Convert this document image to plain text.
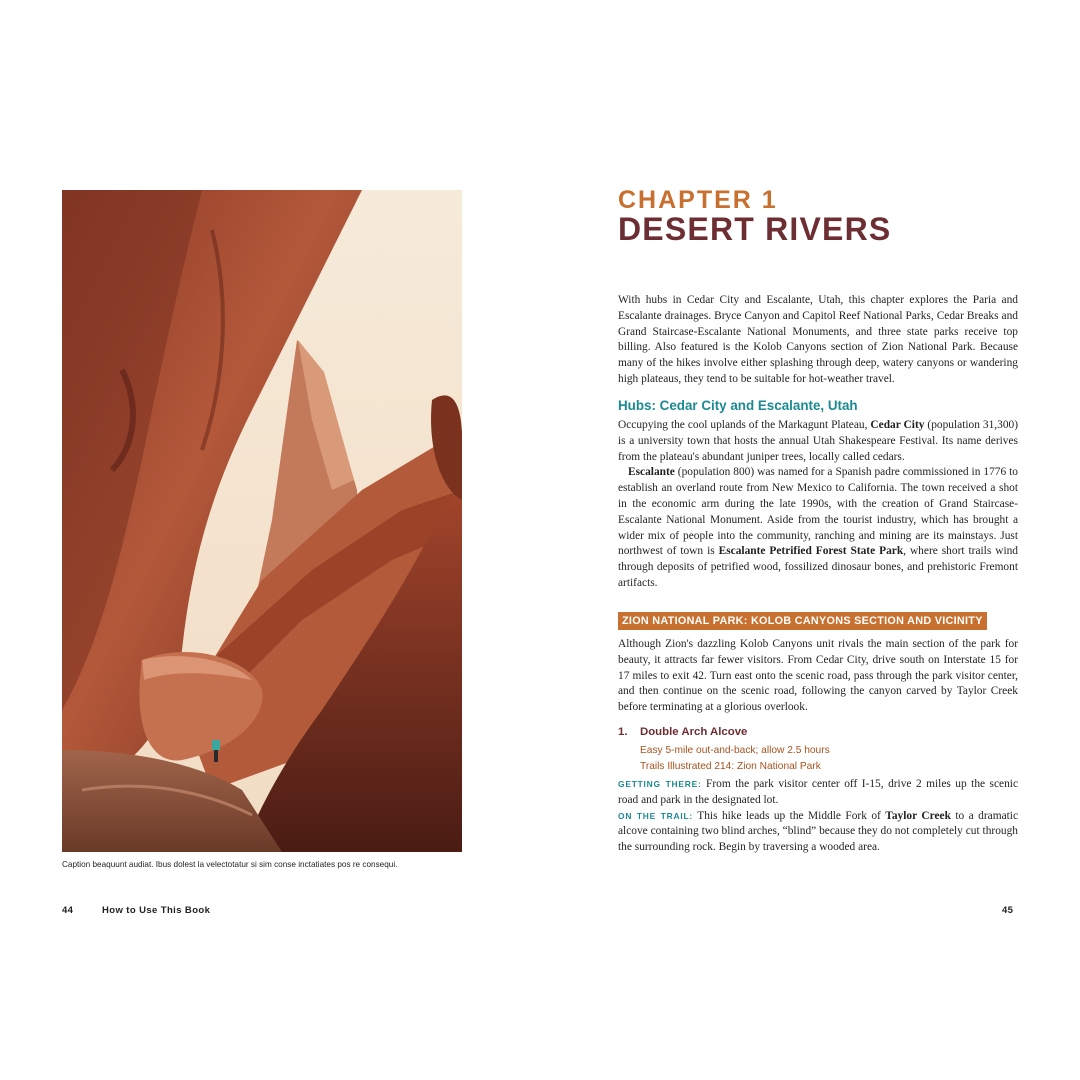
Caption beaquunt audiat. Ibus dolest la velectotatur si sim conse inctatiates pos re consequi.
44	How to Use This Book
CHAPTER 1
DESERT RIVERS

With hubs in Cedar City and Escalante, Utah, this chapter explores the Paria and Escalante drainages. Bryce Canyon and Capitol Reef National Parks, Cedar Breaks and Grand Staircase-Escalante National Monuments, and three state parks receive top billing. Also featured is the Kolob Canyons section of Zion National Park. Because many of the hikes involve either splashing through deep, watery canyons or wandering high plateaus, they tend to be suitable for hot-weather travel.

Hubs: Cedar City and Escalante, Utah

Occupying the cool uplands of the Markagunt Plateau, Cedar City (population 31,300) is a university town that hosts the annual Utah Shakespeare Festival. Its name derives from the plateau's abundant juniper trees, locally called cedars.

Escalante (population 800) was named for a Spanish padre commissioned in 1776 to establish an overland route from New Mexico to California. The town received a shot in the economic arm during the late 1990s, with the creation of Grand Staircase-Escalante National Monument. Aside from the tourist industry, which has brought a wider mix of people into the community, ranching and mining are its mainstays. Just northwest of town is Escalante Petrified Forest State Park, where short trails wind through deposits of petrified wood, fossilized dinosaur bones, and prehistoric Fremont artifacts.

ZION NATIONAL PARK: KOLOB CANYONS SECTION AND VICINITY

Although Zion's dazzling Kolob Canyons unit rivals the main section of the park for beauty, it attracts far fewer visitors. From Cedar City, drive south on Interstate 15 for 17 miles to exit 42. Turn east onto the scenic road, pass through the park visitor center, and then continue on the scenic road, following the canyon carved by Taylor Creek before terminating at a glorious overlook.

1. Double Arch Alcove
Easy 5-mile out-and-back; allow 2.5 hours
Trails Illustrated 214: Zion National Park

GETTING THERE: From the park visitor center off I-15, drive 2 miles up the scenic road and park in the designated lot.

ON THE TRAIL: This hike leads up the Middle Fork of Taylor Creek to a dramatic alcove containing two blind arches, “blind” because they do not completely cut through the surrounding rock. Begin by traversing a wooded area.

45
